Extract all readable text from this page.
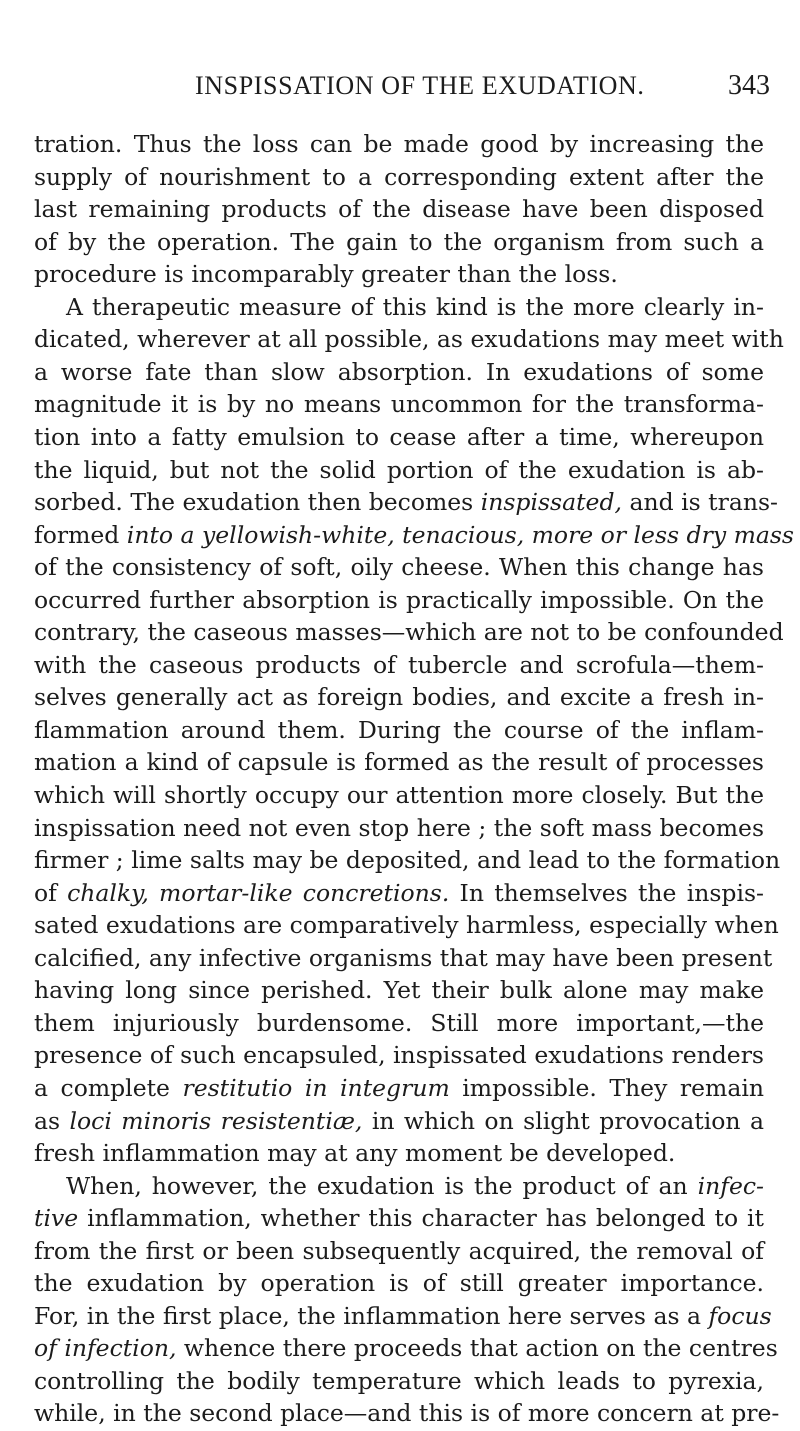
INSPISSATION OF THE EXUDATION.	343
tration. Thus the loss can be made good by increasing the
supply of nourishment to a corresponding extent after the
last remaining products of the disease have been disposed
of by the operation. The gain to the organism from such a
procedure is incomparably greater than the loss.
A therapeutic measure of this kind is the more clearly in-
dicated, wherever at all possible, as exudations may meet with
a worse fate than slow absorption. In exudations of some
magnitude it is by no means uncommon for the transforma-
tion into a fatty emulsion to cease after a time, whereupon
the liquid, but not the solid portion of the exudation is ab-
sorbed. The exudation then becomes inspissated, and is trans-
formed into a yellowish-white, tenacious, more or less dry mass
of the consistency of soft, oily cheese. When this change has
occurred further absorption is practically impossible. On the
contrary, the caseous masses—which are not to be confounded
with the caseous products of tubercle and scrofula—them-
selves generally act as foreign bodies, and excite a fresh in-
flammation around them. During the course of the inflam-
mation a kind of capsule is formed as the result of processes
which will shortly occupy our attention more closely. But the
inspissation need not even stop here ; the soft mass becomes
firmer ; lime salts may be deposited, and lead to the formation
of chalky, mortar-like concretions. In themselves the inspis-
sated exudations are comparatively harmless, especially when
calcified, any infective organisms that may have been present
having long since perished. Yet their bulk alone may make
them injuriously burdensome. Still more important,—the
presence of such encapsuled, inspissated exudations renders
a complete restitutio in integrum impossible. They remain
as loci minoris resistentiæ, in which on slight provocation a
fresh inflammation may at any moment be developed.
When, however, the exudation is the product of an infec-
tive inflammation, whether this character has belonged to it
from the first or been subsequently acquired, the removal of
the exudation by operation is of still greater importance.
For, in the first place, the inflammation here serves as a focus
of infection, whence there proceeds that action on the centres
controlling the bodily temperature which leads to pyrexia,
while, in the second place—and this is of more concern at pre-
